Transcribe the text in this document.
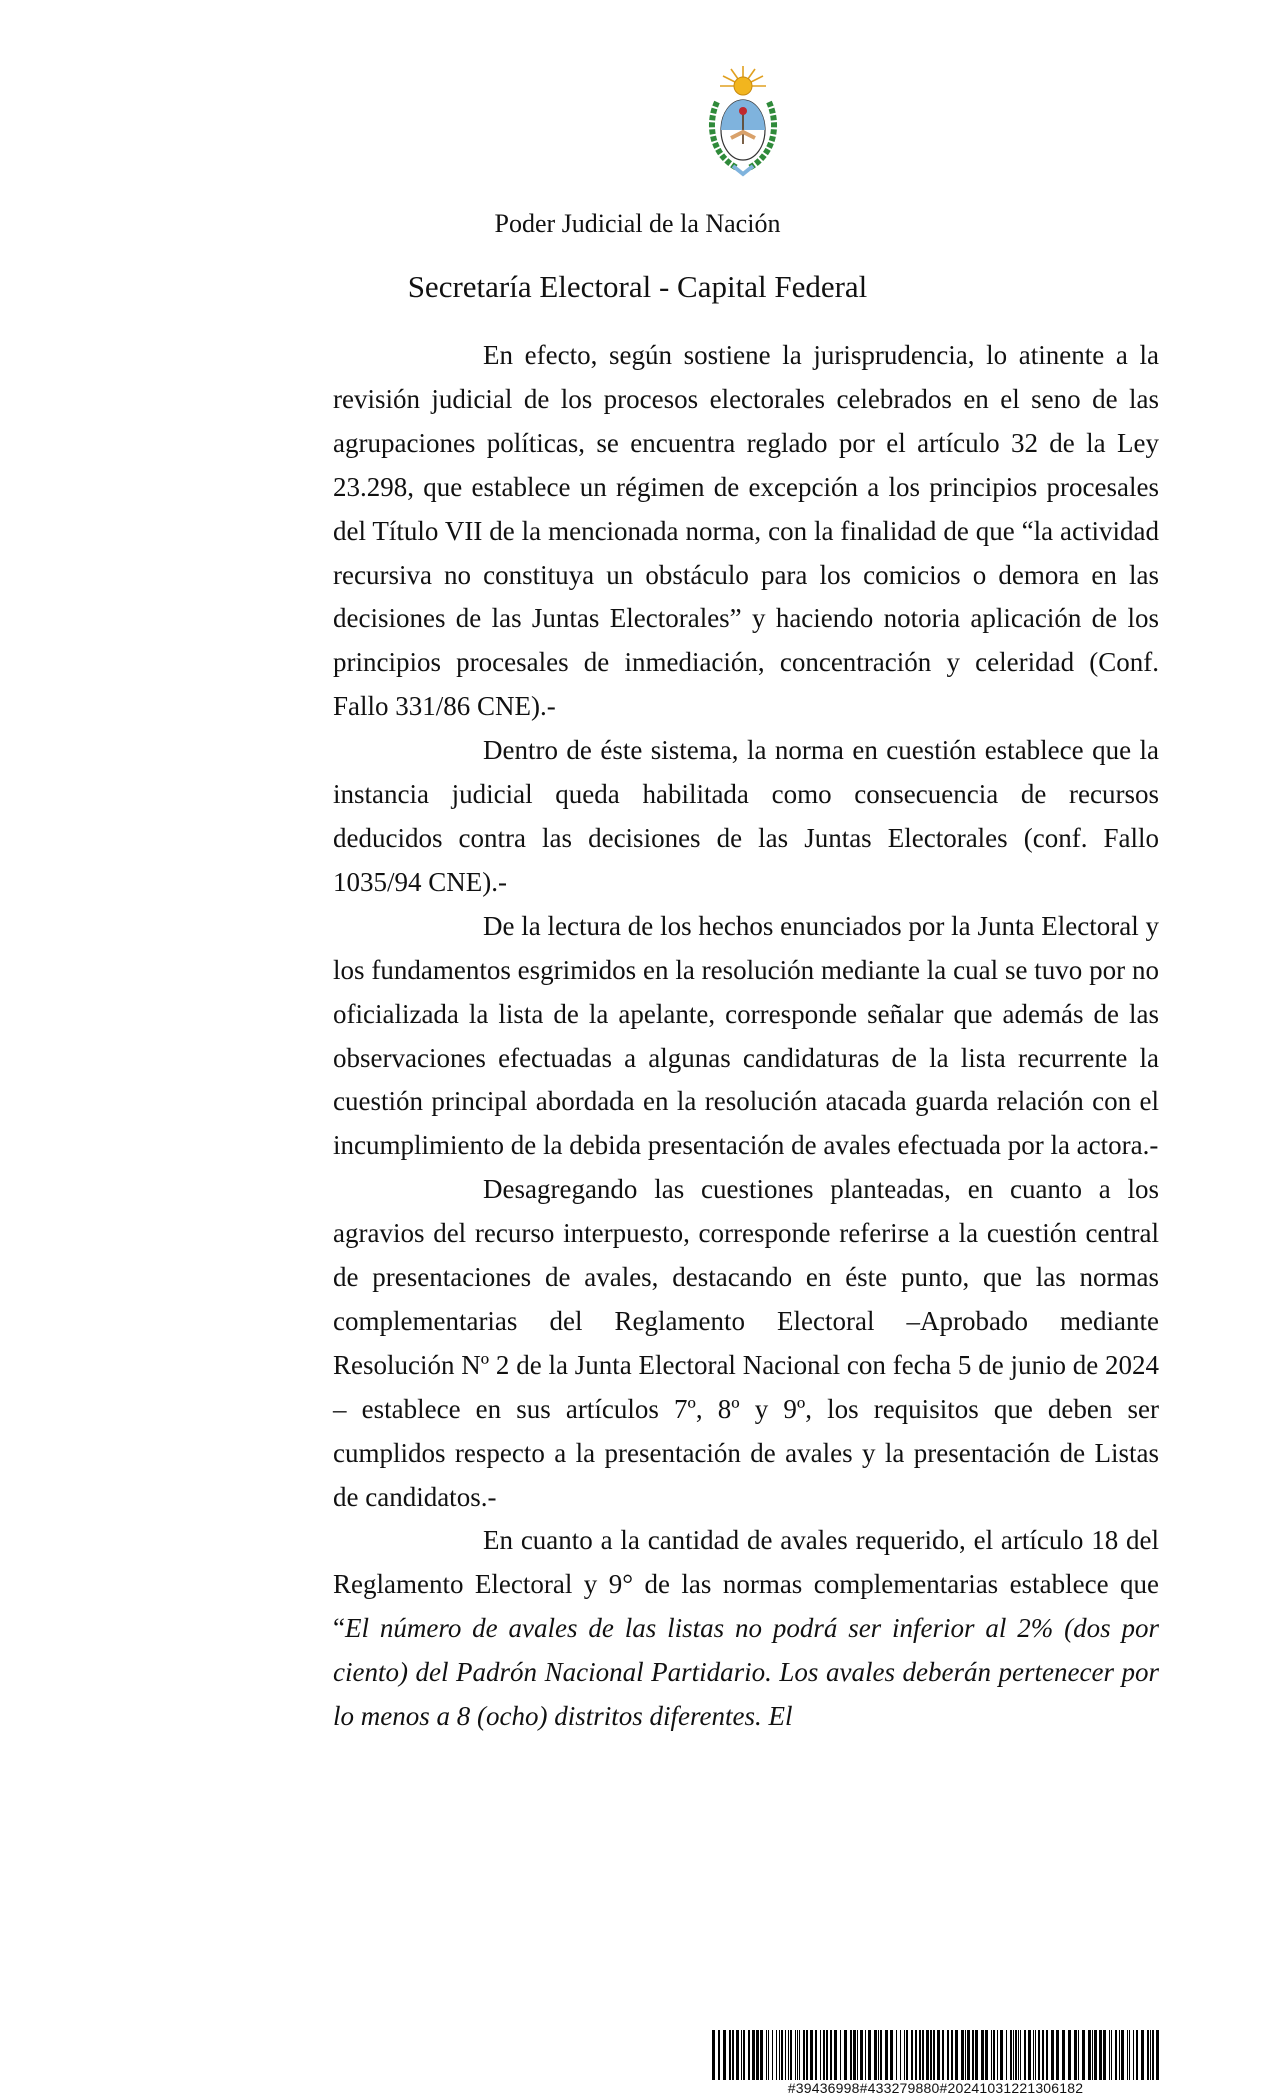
Poder Judicial de la Nación
Secretaría Electoral - Capital Federal

En efecto, según sostiene la jurisprudencia, lo atinente a la revisión judicial de los procesos electorales celebrados en el seno de las agrupaciones políticas, se encuentra reglado por el artículo 32 de la Ley 23.298, que establece un régimen de excepción a los principios procesales del Título VII de la mencionada norma, con la finalidad de que “la actividad recursiva no constituya un obstáculo para los comicios o demora en las decisiones de las Juntas Electorales” y haciendo notoria aplicación de los principios procesales de inmediación, concentración y celeridad (Conf. Fallo 331/86 CNE).-

Dentro de éste sistema, la norma en cuestión establece que la instancia judicial queda habilitada como consecuencia de recursos deducidos contra las decisiones de las Juntas Electorales (conf. Fallo 1035/94 CNE).-

De la lectura de los hechos enunciados por la Junta Electoral y los fundamentos esgrimidos en la resolución mediante la cual se tuvo por no oficializada la lista de la apelante, corresponde señalar que además de las observaciones efectuadas a algunas candidaturas de la lista recurrente la cuestión principal abordada en la resolución atacada guarda relación con el incumplimiento de la debida presentación de avales efectuada por la actora.-

Desagregando las cuestiones planteadas, en cuanto a los agravios del recurso interpuesto, corresponde referirse a la cuestión central de presentaciones de avales, destacando en éste punto, que las normas complementarias del Reglamento Electoral –Aprobado mediante Resolución Nº 2 de la Junta Electoral Nacional con fecha 5 de junio de 2024 – establece en sus artículos 7º, 8º y 9º, los requisitos que deben ser cumplidos respecto a la presentación de avales y la presentación de Listas de candidatos.-

En cuanto a la cantidad de avales requerido, el artículo 18 del Reglamento Electoral y 9° de las normas complementarias establece que “El número de avales de las listas no podrá ser inferior al 2% (dos por ciento) del Padrón Nacional Partidario. Los avales deberán pertenecer por lo menos a 8 (ocho) distritos diferentes. El

#39436998#433279880#20241031221306182
